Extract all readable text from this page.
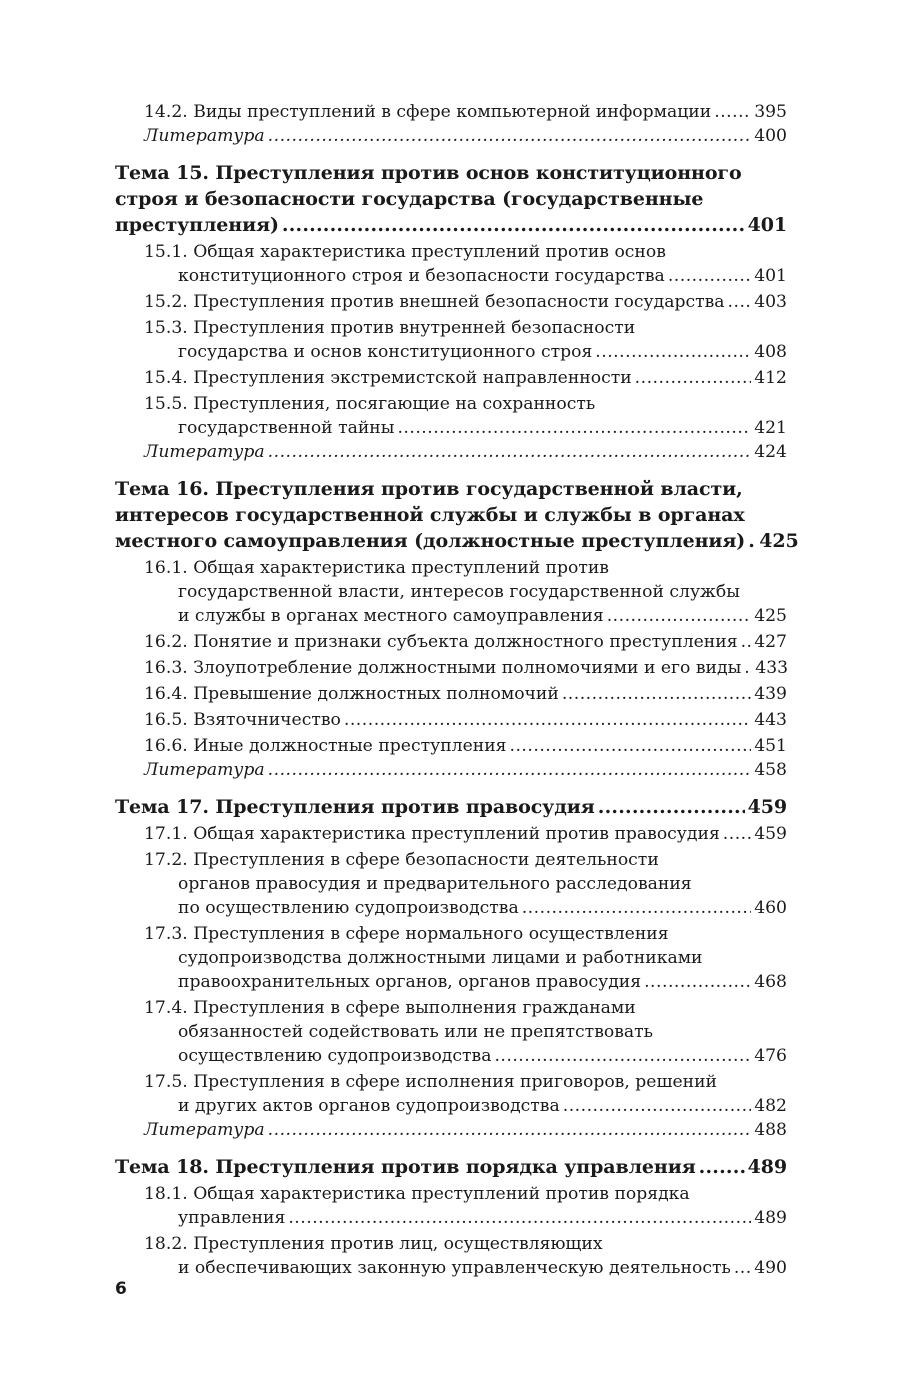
14.2. Виды преступлений в сфере компьютерной информации ..... 395
Литература .....	400
Тема 15. Преступления против основ конституционного
строя и безопасности государства (государственные
преступления) .....	401
15.1. Общая характеристика преступлений против основ
конституционного строя и безопасности государства .....	401
15.2. Преступления против внешней безопасности государства ..... 403
15.3. Преступления против внутренней безопасности
государства и основ конституционного строя .....	408
15.4. Преступления экстремистской направленности .....	412
15.5. Преступления, посягающие на сохранность
государственной тайны .....	421
Литература .....	424
Тема 16. Преступления против государственной власти,
интересов государственной службы и службы в органах
местного самоуправления (должностные преступления) ..... 425
16.1. Общая характеристика преступлений против
государственной власти, интересов государственной службы
и службы в органах местного самоуправления .....	425
16.2. Понятие и признаки субъекта должностного преступления ..... 427
16.3. Злоупотребление должностными полномочиями и его виды ..... 433
16.4. Превышение должностных полномочий .....	439
16.5. Взяточничество .....	443
16.6. Иные должностные преступления .....	451
Литература .....	458
Тема 17. Преступления против правосудия .....	459
17.1. Общая характеристика преступлений против правосудия ..... 459
17.2. Преступления в сфере безопасности деятельности
органов правосудия и предварительного расследования
по осуществлению судопроизводства .....	460
17.3. Преступления в сфере нормального осуществления
судопроизводства должностными лицами и работниками
правоохранительных органов, органов правосудия .....	468
17.4. Преступления в сфере выполнения гражданами
обязанностей содействовать или не препятствовать
осуществлению судопроизводства .....	476
17.5. Преступления в сфере исполнения приговоров, решений
и других актов органов судопроизводства .....	482
Литература .....	488
Тема 18. Преступления против порядка управления .....	489
18.1. Общая характеристика преступлений против порядка
управления .....	489
18.2. Преступления против лиц, осуществляющих
и обеспечивающих законную управленческую деятельность ..... 490
6
